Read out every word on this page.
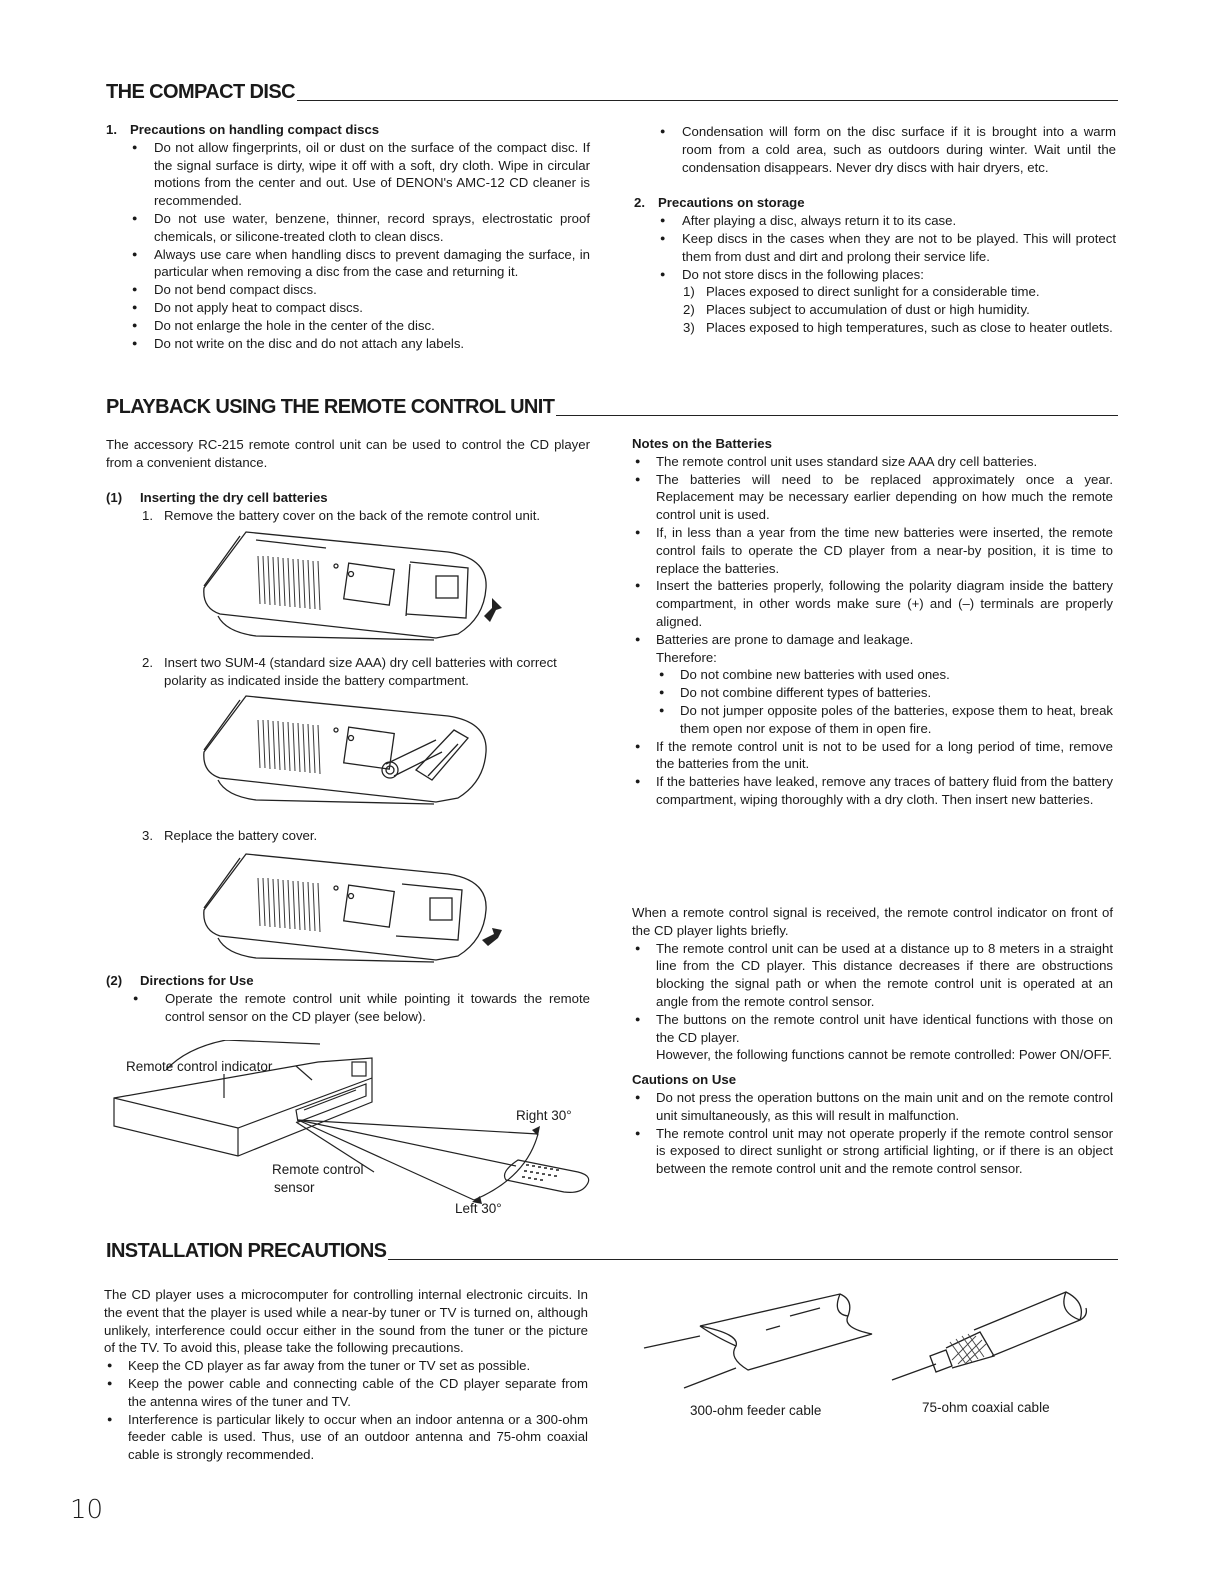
THE COMPACT DISC
1. Precautions on handling compact discs
● Do not allow fingerprints, oil or dust on the surface of the compact disc. If the signal surface is dirty, wipe it off with a soft, dry cloth. Wipe in circular motions from the center and out. Use of DENON's AMC-12 CD cleaner is recommended.
● Do not use water, benzene, thinner, record sprays, electrostatic proof chemicals, or silicone-treated cloth to clean discs.
● Always use care when handling discs to prevent damaging the surface, in particular when removing a disc from the case and returning it.
● Do not bend compact discs.
● Do not apply heat to compact discs.
● Do not enlarge the hole in the center of the disc.
● Do not write on the disc and do not attach any labels.
● Condensation will form on the disc surface if it is brought into a warm room from a cold area, such as outdoors during winter. Wait until the condensation disappears. Never dry discs with hair dryers, etc.
2. Precautions on storage
● After playing a disc, always return it to its case.
● Keep discs in the cases when they are not to be played. This will protect them from dust and dirt and prolong their service life.
● Do not store discs in the following places:
1) Places exposed to direct sunlight for a considerable time.
2) Places subject to accumulation of dust or high humidity.
3) Places exposed to high temperatures, such as close to heater outlets.
PLAYBACK USING THE REMOTE CONTROL UNIT
The accessory RC-215 remote control unit can be used to control the CD player from a convenient distance.
(1) Inserting the dry cell batteries
1. Remove the battery cover on the back of the remote control unit.
2. Insert two SUM-4 (standard size AAA) dry cell batteries with correct polarity as indicated inside the battery compartment.
3. Replace the battery cover.
(2) Directions for Use
● Operate the remote control unit while pointing it towards the remote control sensor on the CD player (see below).
Remote control indicator
Right 30°
Remote control
sensor
Left 30°
Notes on the Batteries
● The remote control unit uses standard size AAA dry cell batteries.
● The batteries will need to be replaced approximately once a year. Replacement may be necessary earlier depending on how much the remote control unit is used.
● If, in less than a year from the time new batteries were inserted, the remote control fails to operate the CD player from a near-by position, it is time to replace the batteries.
● Insert the batteries properly, following the polarity diagram inside the battery compartment, in other words make sure (+) and (–) terminals are properly aligned.
● Batteries are prone to damage and leakage.
Therefore:
● Do not combine new batteries with used ones.
● Do not combine different types of batteries.
● Do not jumper opposite poles of the batteries, expose them to heat, break them open nor expose of them in open fire.
● If the remote control unit is not to be used for a long period of time, remove the batteries from the unit.
● If the batteries have leaked, remove any traces of battery fluid from the battery compartment, wiping thoroughly with a dry cloth. Then insert new batteries.
When a remote control signal is received, the remote control indicator on front of the CD player lights briefly.
● The remote control unit can be used at a distance up to 8 meters in a straight line from the CD player. This distance decreases if there are obstructions blocking the signal path or when the remote control unit is operated at an angle from the remote control sensor.
● The buttons on the remote control unit have identical functions with those on the CD player.
However, the following functions cannot be remote controlled: Power ON/OFF.
Cautions on Use
● Do not press the operation buttons on the main unit and on the remote control unit simultaneously, as this will result in malfunction.
● The remote control unit may not operate properly if the remote control sensor is exposed to direct sunlight or strong artificial lighting, or if there is an object between the remote control unit and the remote control sensor.
INSTALLATION PRECAUTIONS
The CD player uses a microcomputer for controlling internal electronic circuits. In the event that the player is used while a near-by tuner or TV is turned on, although unlikely, interference could occur either in the sound from the tuner or the picture of the TV. To avoid this, please take the following precautions.
● Keep the CD player as far away from the tuner or TV set as possible.
● Keep the power cable and connecting cable of the CD player separate from the antenna wires of the tuner and TV.
● Interference is particular likely to occur when an indoor antenna or a 300-ohm feeder cable is used. Thus, use of an outdoor antenna and 75-ohm coaxial cable is strongly recommended.
300-ohm feeder cable	75-ohm coaxial cable
10
